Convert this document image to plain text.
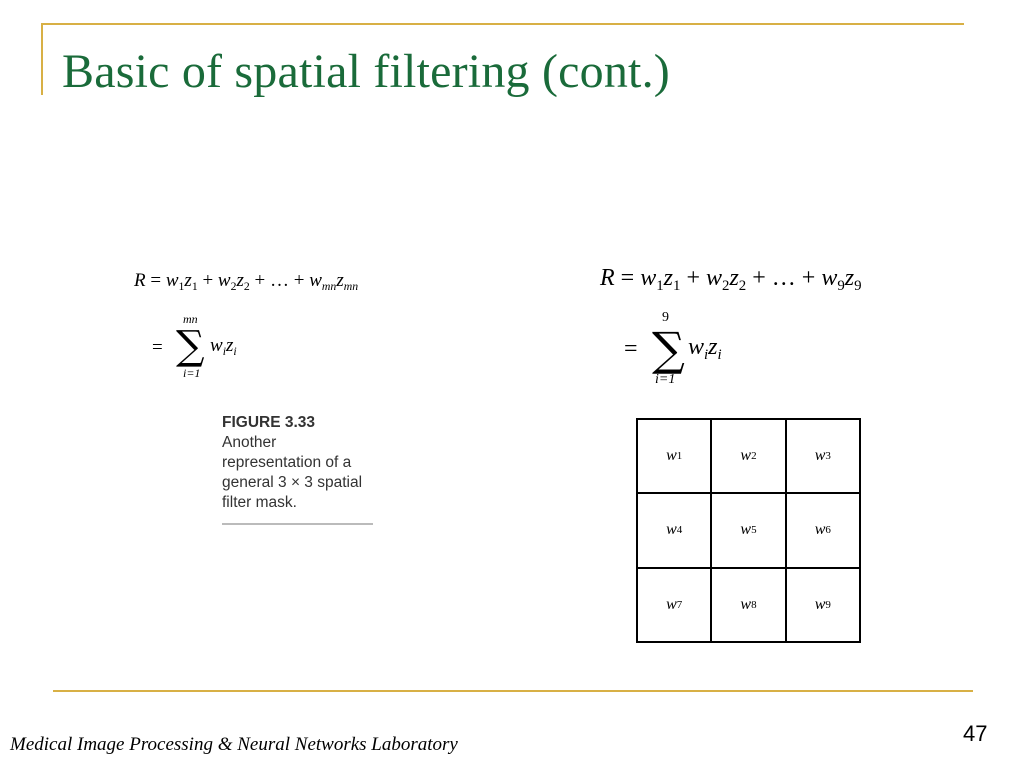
Basic of spatial filtering (cont.)
$R = w_1z_1 + w_2z_2$ + … + $w_{mn}z_{mn}$
=
mn
∑
i=1
$w_iz_i$
$R = w_1z_1 + w_2z_2$ + … + $w_9z_9$
=
9
∑
i=1
$w_iz_i$
FIGURE 3.33
Another representation of a general 3 × 3 spatial filter mask.
w 1	w 2	w 3
w 4	w 5	w 6
w 7	w 8	w 9
Medical Image Processing & Neural Networks Laboratory	47
